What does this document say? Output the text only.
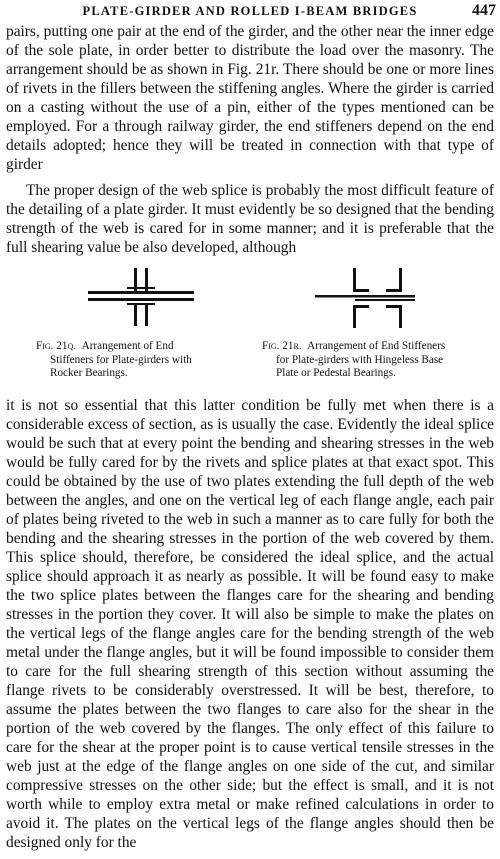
PLATE-GIRDER AND ROLLED I-BEAM BRIDGES	447

pairs, putting one pair at the end of the girder, and the other near the inner edge of the sole plate, in order better to distribute the load over the masonry. The arrangement should be as shown in Fig. 21r. There should be one or more lines of rivets in the fillers between the stiffening angles. Where the girder is carried on a casting without the use of a pin, either of the types mentioned can be employed. For a through railway girder, the end stiffeners depend on the end details adopted; hence they will be treated in connection with that type of girder

The proper design of the web splice is probably the most difficult feature of the detailing of a plate girder. It must evidently be so designed that the bending strength of the web is cared for in some manner; and it is preferable that the full shearing value be also developed, although

Fig. 21q. Arrangement of End
Stiffeners for Plate-girders with
Rocker Bearings.
Fig. 21r. Arrangement of End Stiffeners
for Plate-girders with Hingeless Base
Plate or Pedestal Bearings.

it is not so essential that this latter condition be fully met when there is a considerable excess of section, as is usually the case. Evidently the ideal splice would be such that at every point the bending and shearing stresses in the web would be fully cared for by the rivets and splice plates at that exact spot. This could be obtained by the use of two plates extending the full depth of the web between the angles, and one on the vertical leg of each flange angle, each pair of plates being riveted to the web in such a manner as to care fully for both the bending and the shearing stresses in the portion of the web covered by them. This splice should, therefore, be considered the ideal splice, and the actual splice should approach it as nearly as possible. It will be found easy to make the two splice plates between the flanges care for the shearing and bending stresses in the portion they cover. It will also be simple to make the plates on the vertical legs of the flange angles care for the bending strength of the web metal under the flange angles, but it will be found impossible to consider them to care for the full shearing strength of this section without assuming the flange rivets to be considerably overstressed. It will be best, therefore, to assume the plates between the two flanges to care also for the shear in the portion of the web covered by the flanges. The only effect of this failure to care for the shear at the proper point is to cause vertical tensile stresses in the web just at the edge of the flange angles on one side of the cut, and similar compressive stresses on the other side; but the effect is small, and it is not worth while to employ extra metal or make refined calculations in order to avoid it. The plates on the vertical legs of the flange angles should then be designed only for the
